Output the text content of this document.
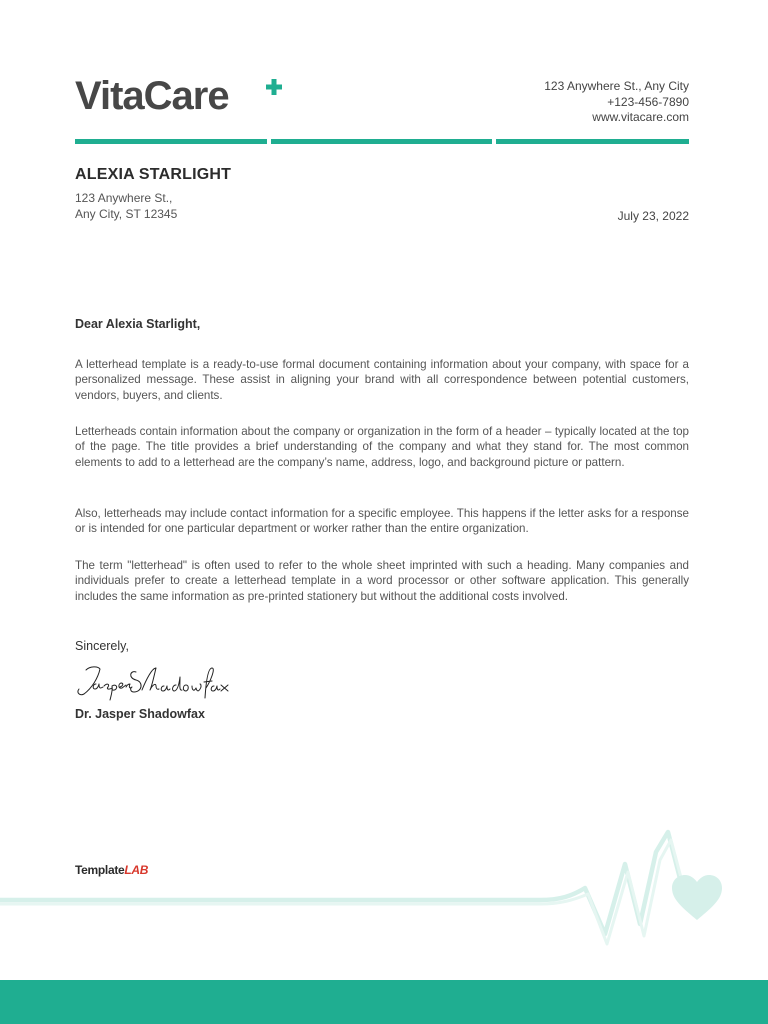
VitaCare	123 Anywhere St., Any City
+123-456-7890
www.vitacare.com
ALEXIA STARLIGHT
123 Anywhere St.,
Any City, ST 12345	July 23, 2022
Dear Alexia Starlight,
A letterhead template is a ready-to-use formal document containing information about your company, with space for a personalized message. These assist in aligning your brand with all correspondence between potential customers, vendors, buyers, and clients.
Letterheads contain information about the company or organization in the form of a header – typically located at the top of the page. The title provides a brief understanding of the company and what they stand for. The most common elements to add to a letterhead are the company’s name, address, logo, and background picture or pattern.
Also, letterheads may include contact information for a specific employee. This happens if the letter asks for a response or is intended for one particular department or worker rather than the entire organization.
The term "letterhead" is often used to refer to the whole sheet imprinted with such a heading. Many companies and individuals prefer to create a letterhead template in a word processor or other software application. This generally includes the same information as pre-printed stationery but without the additional costs involved.
Sincerely,
Dr. Jasper Shadowfax
TemplateLAB
